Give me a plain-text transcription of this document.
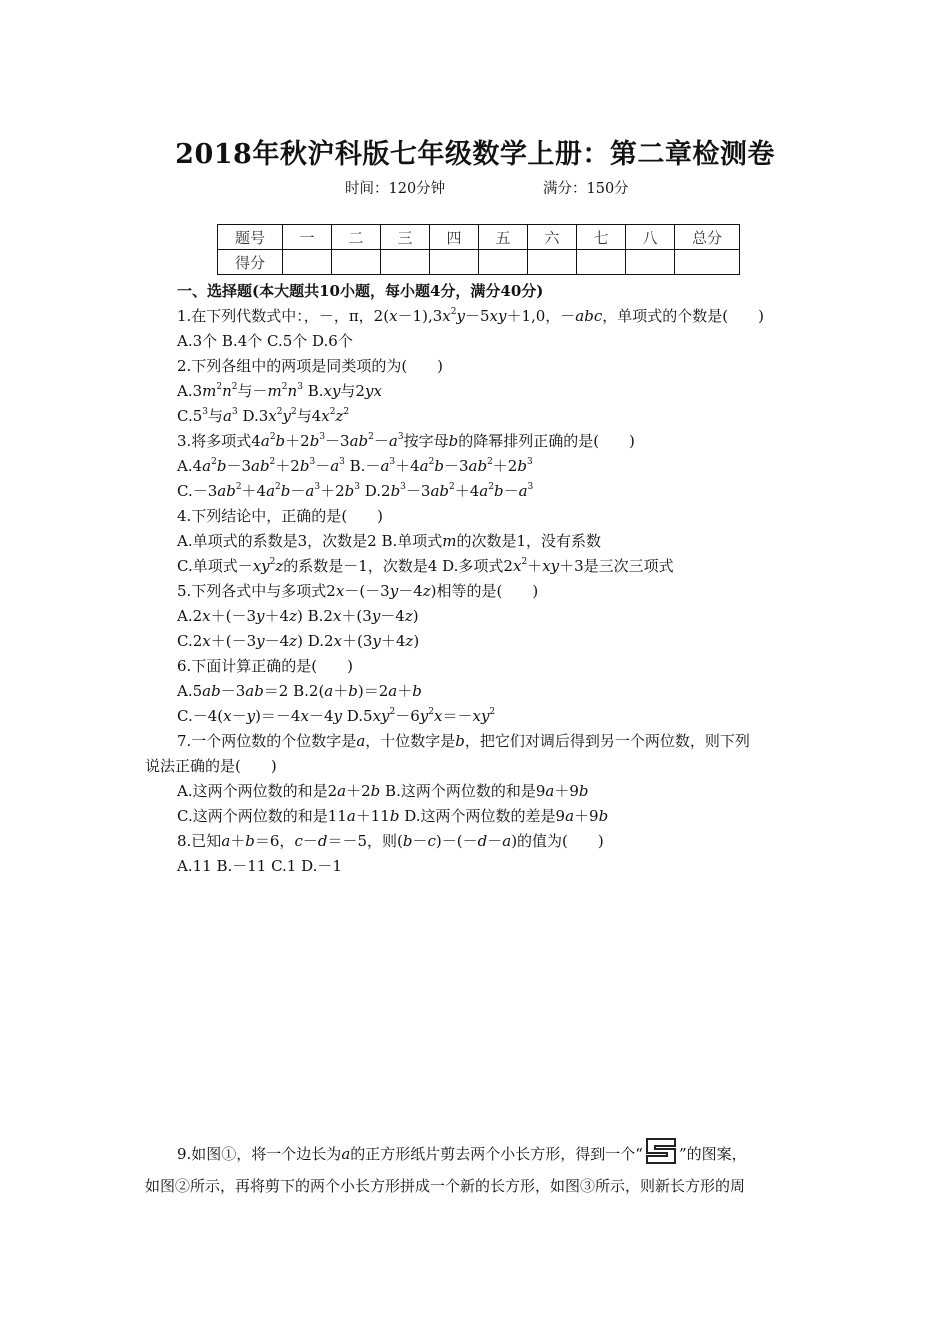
2018年秋沪科版七年级数学上册：第二章检测卷
时间：120分钟	满分：150分
题号	一	二	三	四	五	六	七	八	总分
得分									
一、选择题(本大题共10小题，每小题4分，满分40分)
1.在下列代数式中：，－，π，$2(x-1),3x^2y-5xy+1,0$，－abc，单项式的个数是(　　)
A.3个 B.4个 C.5个 D.6个
2.下列各组中的两项是同类项的为(　　)
$A.3m^2n^2$与$-m^2n^3$ B.xy与2yx
$C.5^3$与$a^3$ $D.3x^2y^2$与$4x^2z^2$
3.将多项式$4a^2b+2b^3-3ab^2-a^3$按字母b的降幂排列正确的是(　　)
$A.4a^2b-3ab^2+2b^3-a^3$ $B.-a^3+4a^2b-3ab^2+2b^3$
$C.-3ab^2+4a^2b-a^3+2b^3$ $D.2b^3-3ab^2+4a^2b-a^3$
4.下列结论中，正确的是(　　)
A.单项式的系数是3，次数是2 B.单项式m的次数是1，没有系数
C.单项式$-xy^2z$的系数是－1，次数是4 D.多项式$2x^2+xy+3$是三次三项式
5.下列各式中与多项式2x－(－3y－4z)相等的是(　　)
A.2x＋(－3y＋4z) B.2x＋(3y－4z)
C.2x＋(－3y－4z) D.2x＋(3y＋4z)
6.下面计算正确的是(　　)
A.5ab－3ab＝2 B.2(a＋b)＝2a＋b
C.－4(x－y)＝－4x－4y $D.5xy^2-6y^2x=-xy^2$
7.一个两位数的个位数字是a，十位数字是b，把它们对调后得到另一个两位数，则下列
说法正确的是(　　)
A.这两个两位数的和是2a＋2b B.这两个两位数的和是9a＋9b
C.这两个两位数的和是11a＋11b D.这两个两位数的差是9a＋9b
8.已知a＋b＝6，c－d＝－5，则(b－c)－(－d－a)的值为(　　)
A.11 B.－11 C.1 D.－1
9.如图①，将一个边长为a的正方形纸片剪去两个小长方形，得到一个“ ”的图案，
如图②所示，再将剪下的两个小长方形拼成一个新的长方形，如图③所示，则新长方形的周
